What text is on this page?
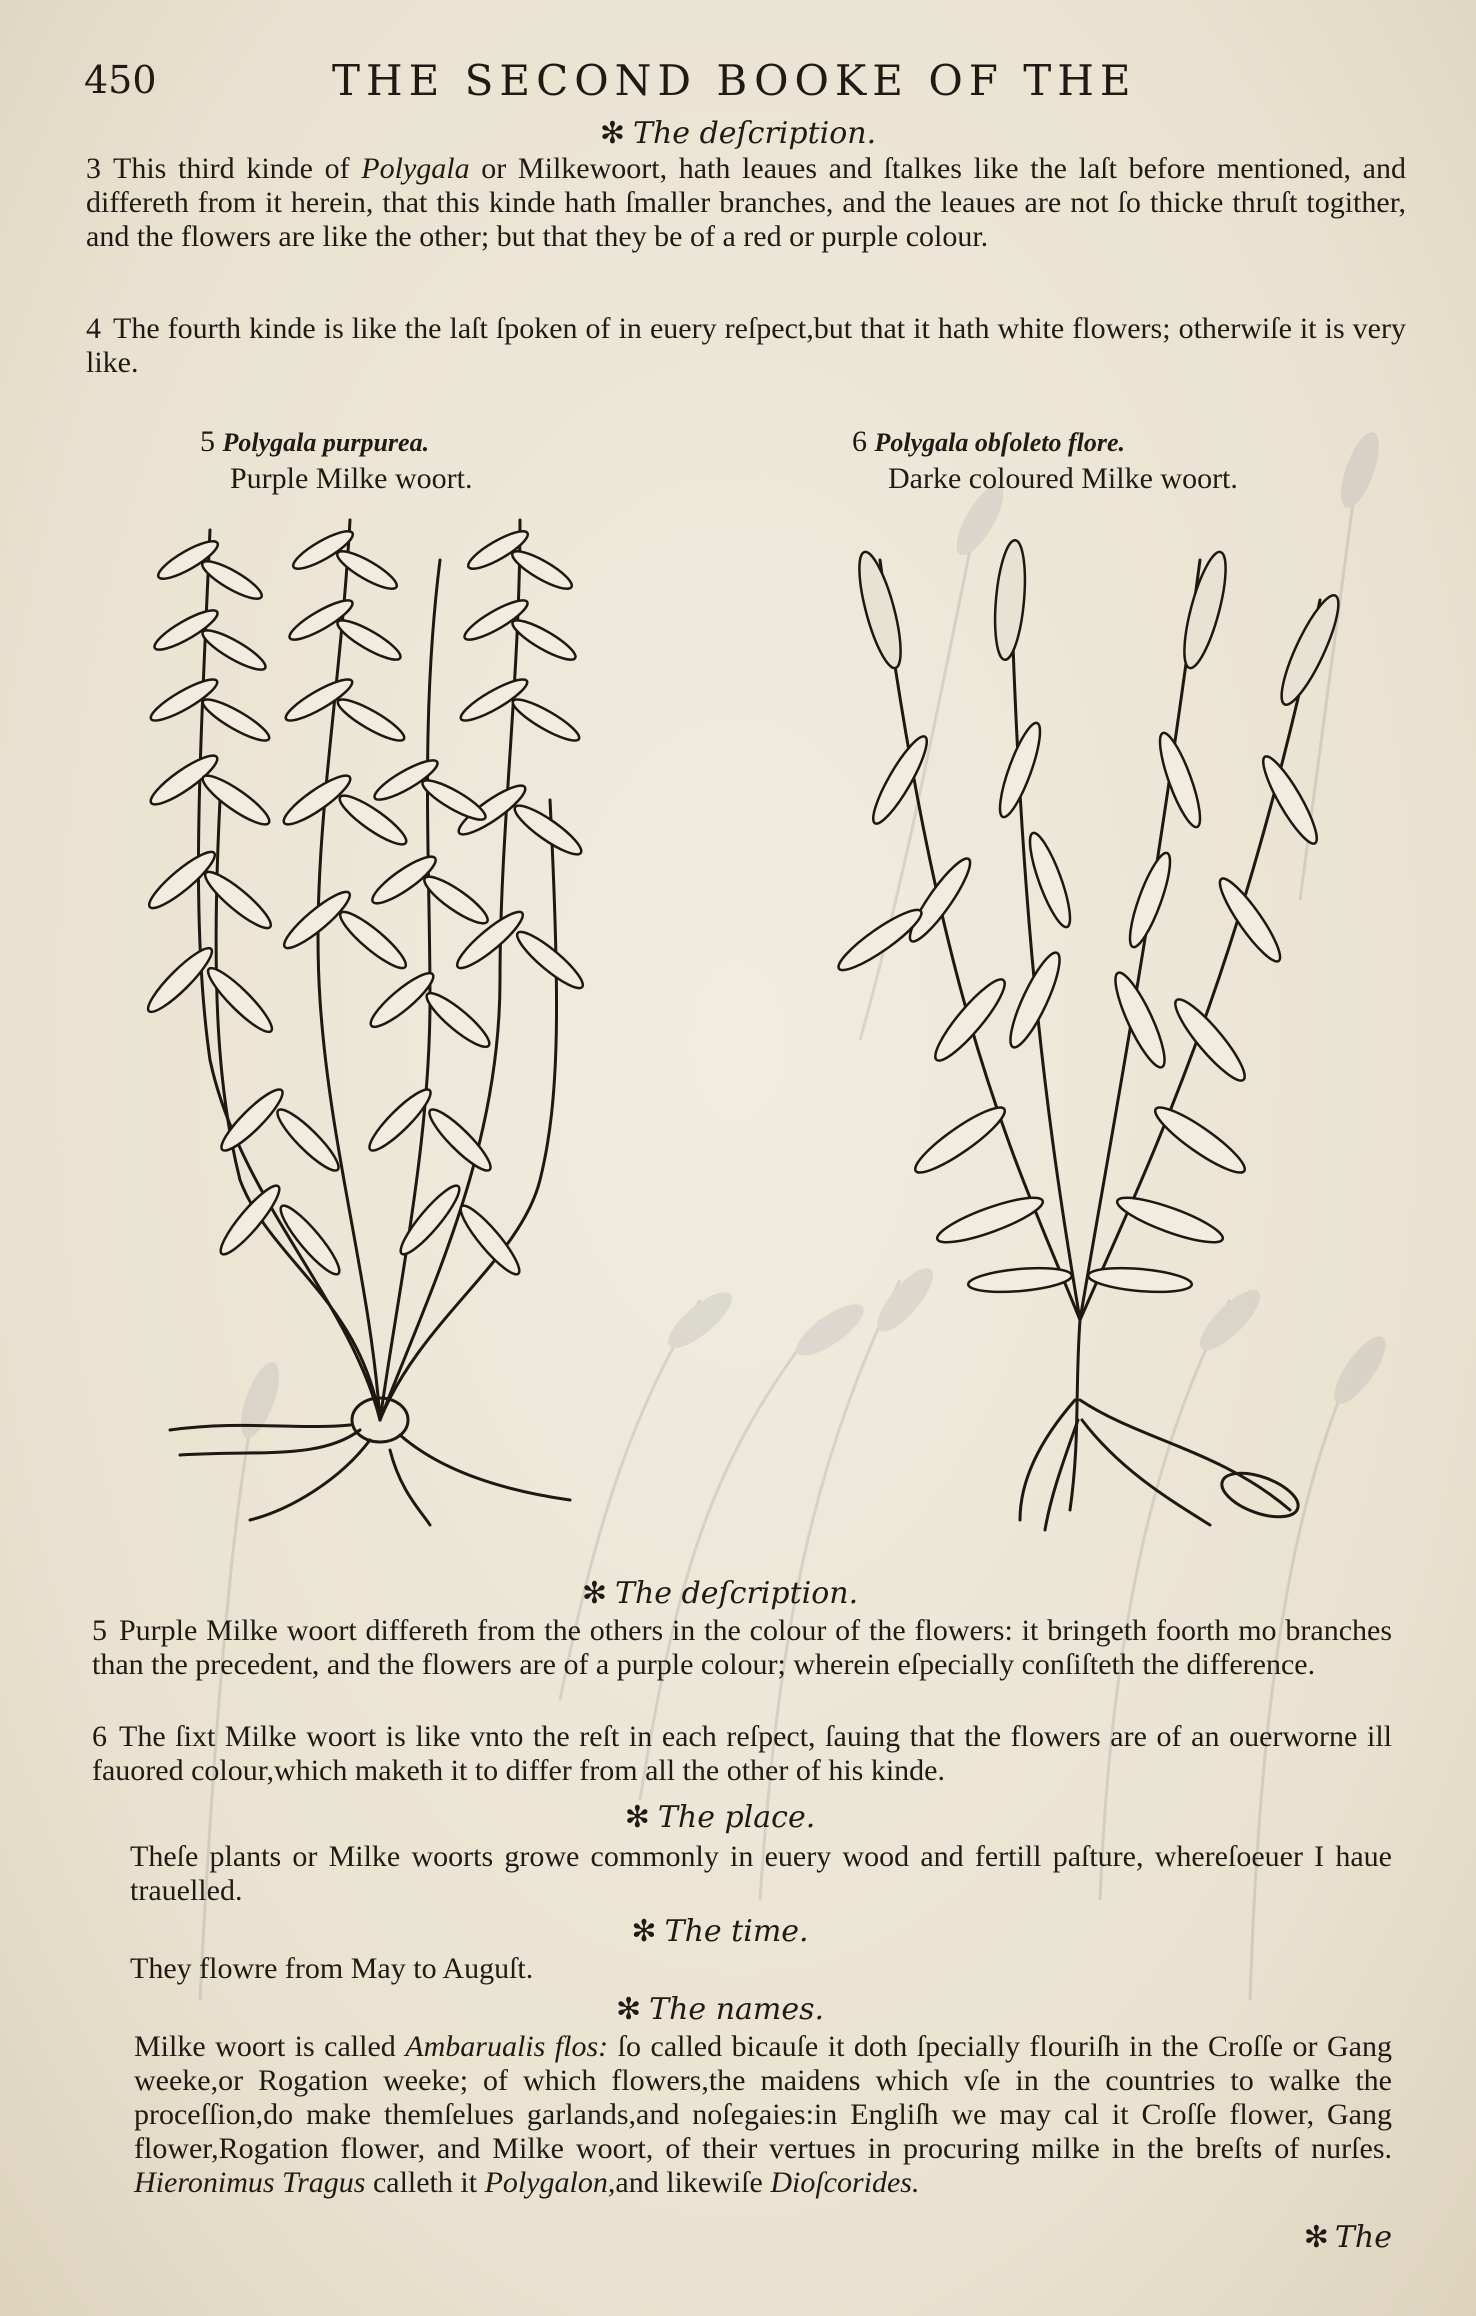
450	THE SECOND BOOKE OF THE
✻ The deſcription.
3 This third kinde of Polygala or Milkewoort, hath leaues and ſtalkes like the laſt before mentioned, and differeth from it herein, that this kinde hath ſmaller branches, and the leaues are not ſo thicke thruſt togither, and the flowers are like the other; but that they be of a red or purple colour.
4 The fourth kinde is like the laſt ſpoken of in euery reſpect,but that it hath white flowers; otherwiſe it is very like.
5 Polygala purpurea.
Purple Milke woort.
6 Polygala obſoleto flore.
Darke coloured Milke woort.
✻ The deſcription.
5 Purple Milke woort differeth from the others in the colour of the flowers: it bringeth foorth mo branches than the precedent, and the flowers are of a purple colour; wherein eſpecially conſiſteth the difference.
6 The ſixt Milke woort is like vnto the reſt in each reſpect, ſauing that the flowers are of an ouerworne ill fauored colour,which maketh it to differ from all the other of his kinde.
✻ The place.
Theſe plants or Milke woorts growe commonly in euery wood and fertill paſture, whereſoeuer I haue trauelled.
✻ The time.
They flowre from May to Auguſt.
✻ The names.
Milke woort is called Ambarualis flos: ſo called bicauſe it doth ſpecially flouriſh in the Croſſe or Gang weeke,or Rogation weeke; of which flowers,the maidens which vſe in the countries to walke the proceſſion,do make themſelues garlands,and noſegaies:in Engliſh we may cal it Croſſe flower, Gang flower,Rogation flower, and Milke woort, of their vertues in procuring milke in the breſts of nurſes. Hieronimus Tragus calleth it Polygalon,and likewiſe Dioſcorides.
✻ The
